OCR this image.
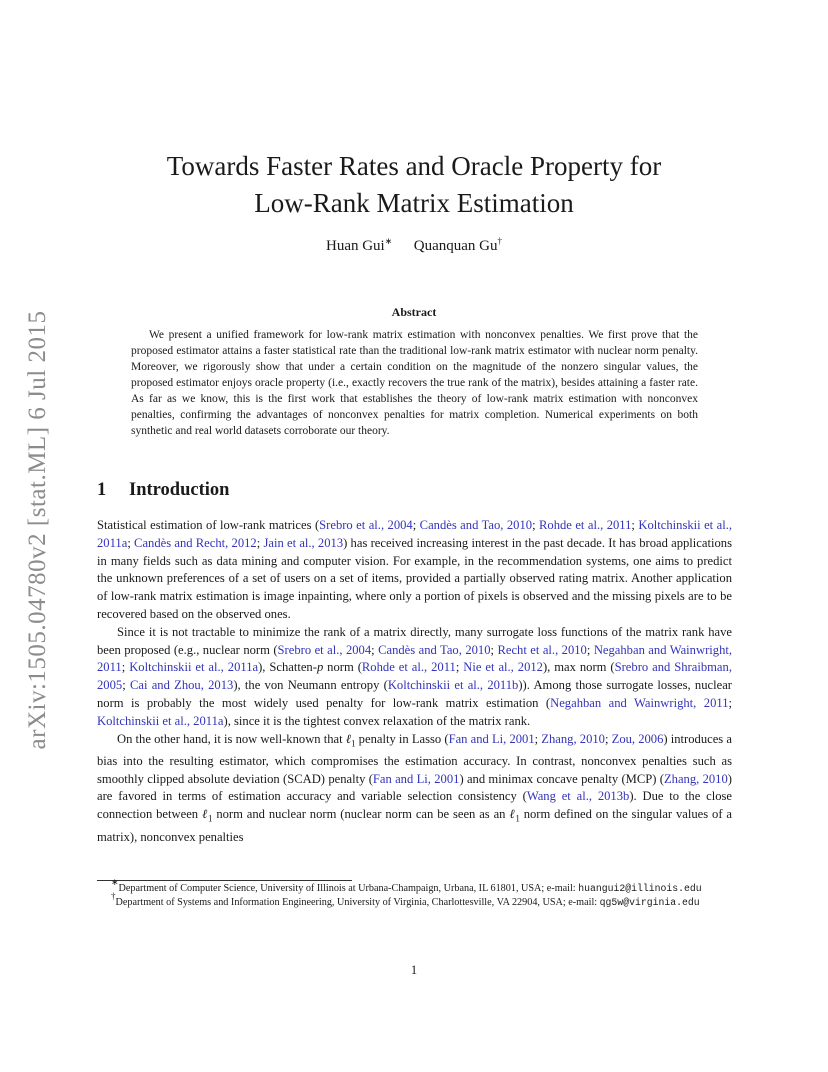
arXiv:1505.04780v2 [stat.ML] 6 Jul 2015
Towards Faster Rates and Oracle Property for
Low-Rank Matrix Estimation
Huan Gui∗ Quanquan Gu†
Abstract
We present a unified framework for low-rank matrix estimation with nonconvex penalties. We first prove that the proposed estimator attains a faster statistical rate than the traditional low-rank matrix estimator with nuclear norm penalty. Moreover, we rigorously show that under a certain condition on the magnitude of the nonzero singular values, the proposed estimator enjoys oracle property (i.e., exactly recovers the true rank of the matrix), besides attaining a faster rate. As far as we know, this is the first work that establishes the theory of low-rank matrix estimation with nonconvex penalties, confirming the advantages of nonconvex penalties for matrix completion. Numerical experiments on both synthetic and real world datasets corroborate our theory.
1 Introduction

Statistical estimation of low-rank matrices (Srebro et al., 2004; Candès and Tao, 2010; Rohde et al., 2011; Koltchinskii et al., 2011a; Candès and Recht, 2012; Jain et al., 2013) has received increasing interest in the past decade. It has broad applications in many fields such as data mining and computer vision. For example, in the recommendation systems, one aims to predict the unknown preferences of a set of users on a set of items, provided a partially observed rating matrix. Another application of low-rank matrix estimation is image inpainting, where only a portion of pixels is observed and the missing pixels are to be recovered based on the observed ones.

Since it is not tractable to minimize the rank of a matrix directly, many surrogate loss functions of the matrix rank have been proposed (e.g., nuclear norm (Srebro et al., 2004; Candès and Tao, 2010; Recht et al., 2010; Negahban and Wainwright, 2011; Koltchinskii et al., 2011a), Schatten-p norm (Rohde et al., 2011; Nie et al., 2012), max norm (Srebro and Shraibman, 2005; Cai and Zhou, 2013), the von Neumann entropy (Koltchinskii et al., 2011b)). Among those surrogate losses, nuclear norm is probably the most widely used penalty for low-rank matrix estimation (Negahban and Wainwright, 2011; Koltchinskii et al., 2011a), since it is the tightest convex relaxation of the matrix rank.

On the other hand, it is now well-known that ℓ$_1$ penalty in Lasso (Fan and Li, 2001; Zhang, 2010; Zou, 2006) introduces a bias into the resulting estimator, which compromises the estimation accuracy. In contrast, nonconvex penalties such as smoothly clipped absolute deviation (SCAD) penalty (Fan and Li, 2001) and minimax concave penalty (MCP) (Zhang, 2010) are favored in terms of estimation accuracy and variable selection consistency (Wang et al., 2013b). Due to the close connection between ℓ$_1$ norm and nuclear norm (nuclear norm can be seen as an ℓ$_1$ norm defined on the singular values of a matrix), nonconvex penalties

∗Department of Computer Science, University of Illinois at Urbana-Champaign, Urbana, IL 61801, USA; e-mail: huangui2@illinois.edu

†Department of Systems and Information Engineering, University of Virginia, Charlottesville, VA 22904, USA; e-mail: qg5w@virginia.edu

1
